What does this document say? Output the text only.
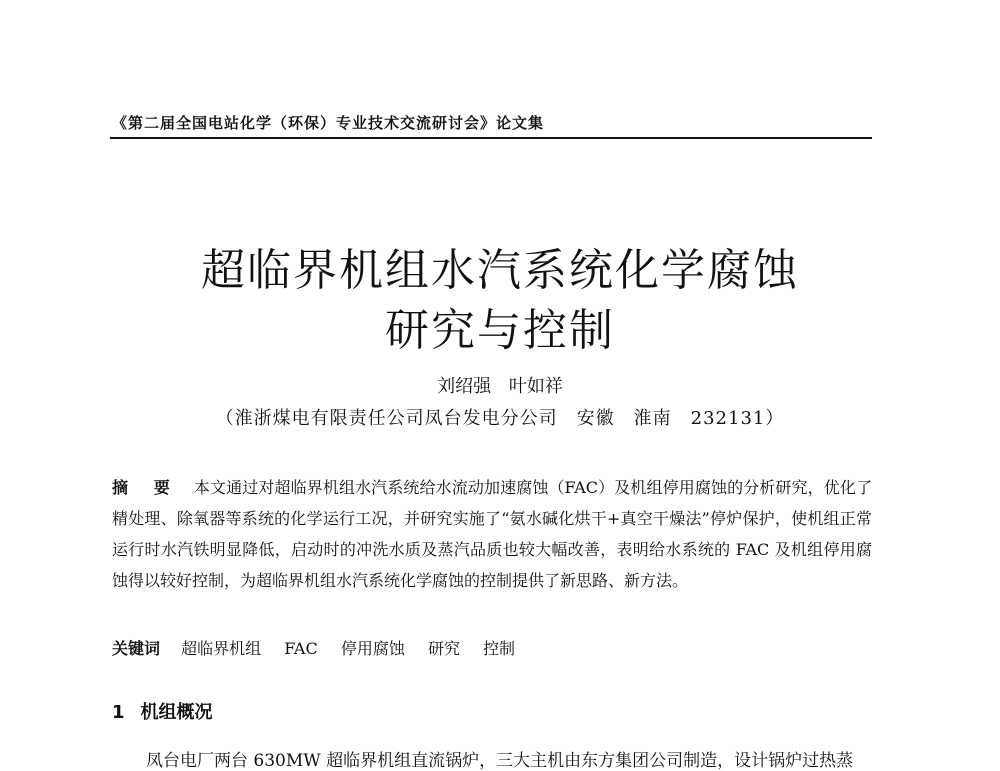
《第二届全国电站化学（环保）专业技术交流研讨会》论文集
超临界机组水汽系统化学腐蚀
研究与控制
刘绍强 叶如祥
（淮浙煤电有限责任公司凤台发电分公司　安徽　淮南　232131）
摘 要 本文通过对超临界机组水汽系统给水流动加速腐蚀（FAC）及机组停用腐蚀的分析研究，优化了精处理、除氧器等系统的化学运行工况，并研究实施了“氨水碱化烘干+真空干燥法”停炉保护，使机组正常运行时水汽铁明显降低，启动时的冲洗水质及蒸汽品质也较大幅改善，表明给水系统的 FAC 及机组停用腐蚀得以较好控制，为超临界机组水汽系统化学腐蚀的控制提供了新思路、新方法。
关键词 超临界机组 FAC 停用腐蚀 研究 控制
1 机组概况
凤台电厂两台 630MW 超临界机组直流锅炉，三大主机由东方集团公司制造，设计锅炉过热蒸
